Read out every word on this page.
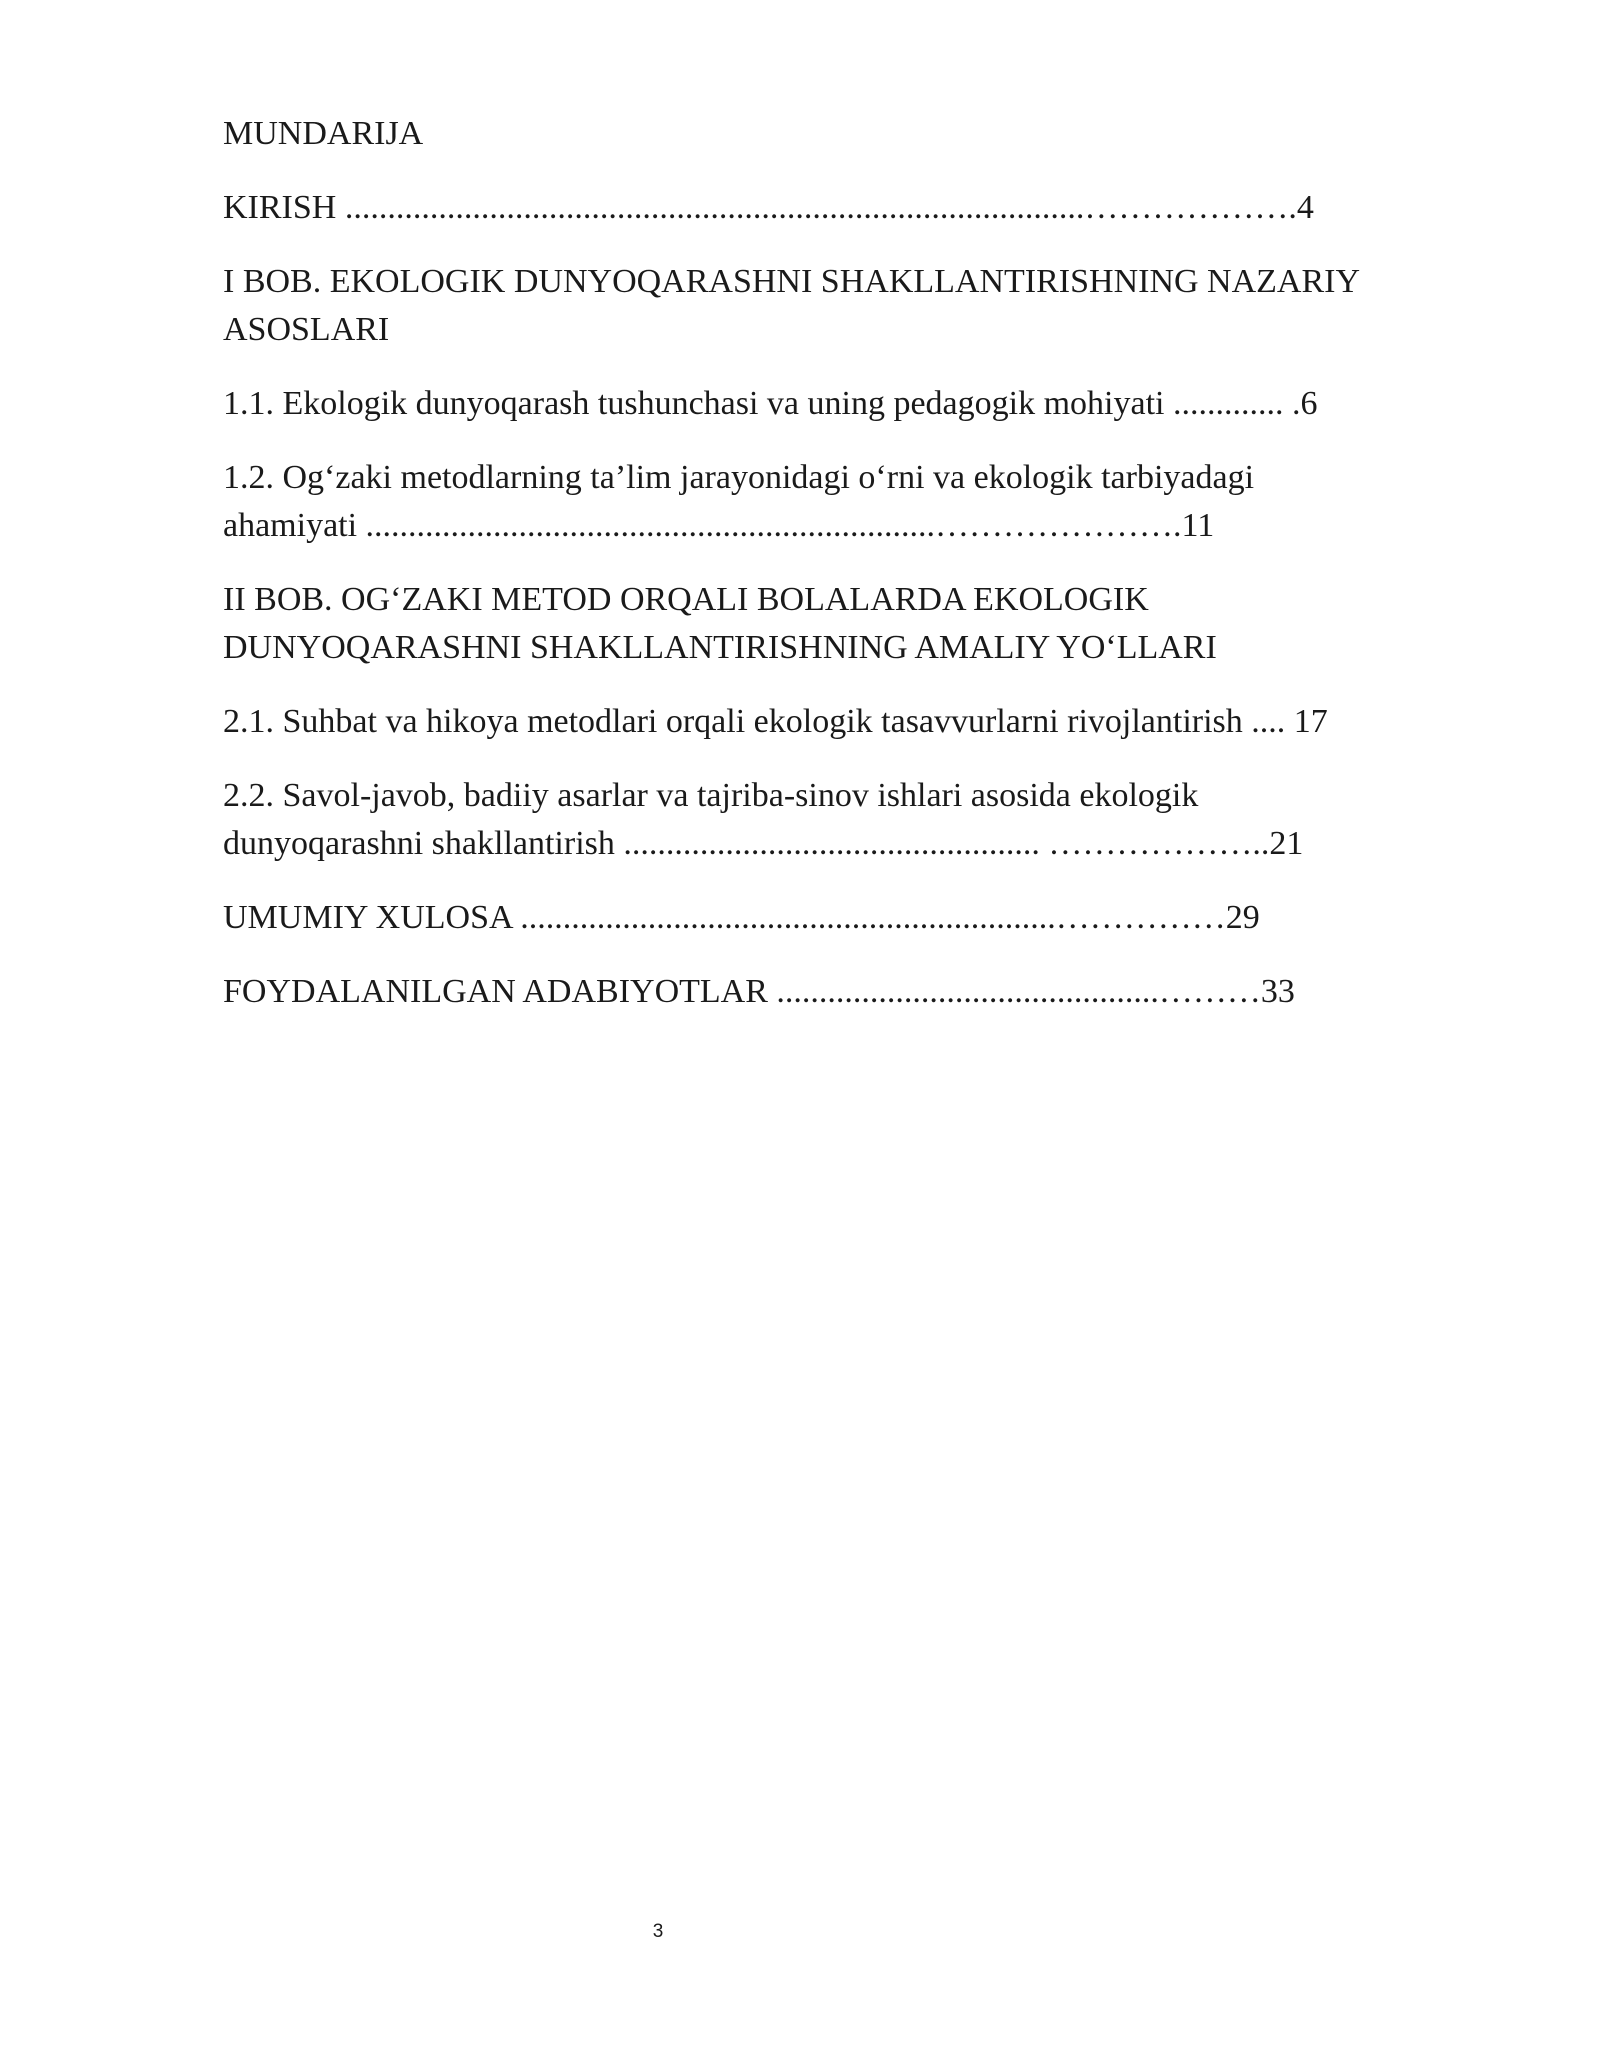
MUNDARIJA
KIRISH .......................................................................................……………….4
I BOB. EKOLOGIK DUNYOQARASHNI SHAKLLANTIRISHNING NAZARIY
ASOSLARI
1.1. Ekologik dunyoqarash tushunchasi va uning pedagogik mohiyati ............. .6
1.2. Ogʻzaki metodlarning ta’lim jarayonidagi oʻrni va ekologik tarbiyadagi
ahamiyati ...................................................................………………….11
II BOB. OGʻZAKI METOD ORQALI BOLALARDA EKOLOGIK
DUNYOQARASHNI SHAKLLANTIRISHNING AMALIY YOʻLLARI
2.1. Suhbat va hikoya metodlari orqali ekologik tasavvurlarni rivojlantirish .... 17
2.2. Savol-javob, badiiy asarlar va tajriba-sinov ishlari asosida ekologik
dunyoqarashni shakllantirish ................................................. ………………..21
UMUMIY XULOSA ...............................................................……………29
FOYDALANILGAN ADABIYOTLAR .............................................………33
3
